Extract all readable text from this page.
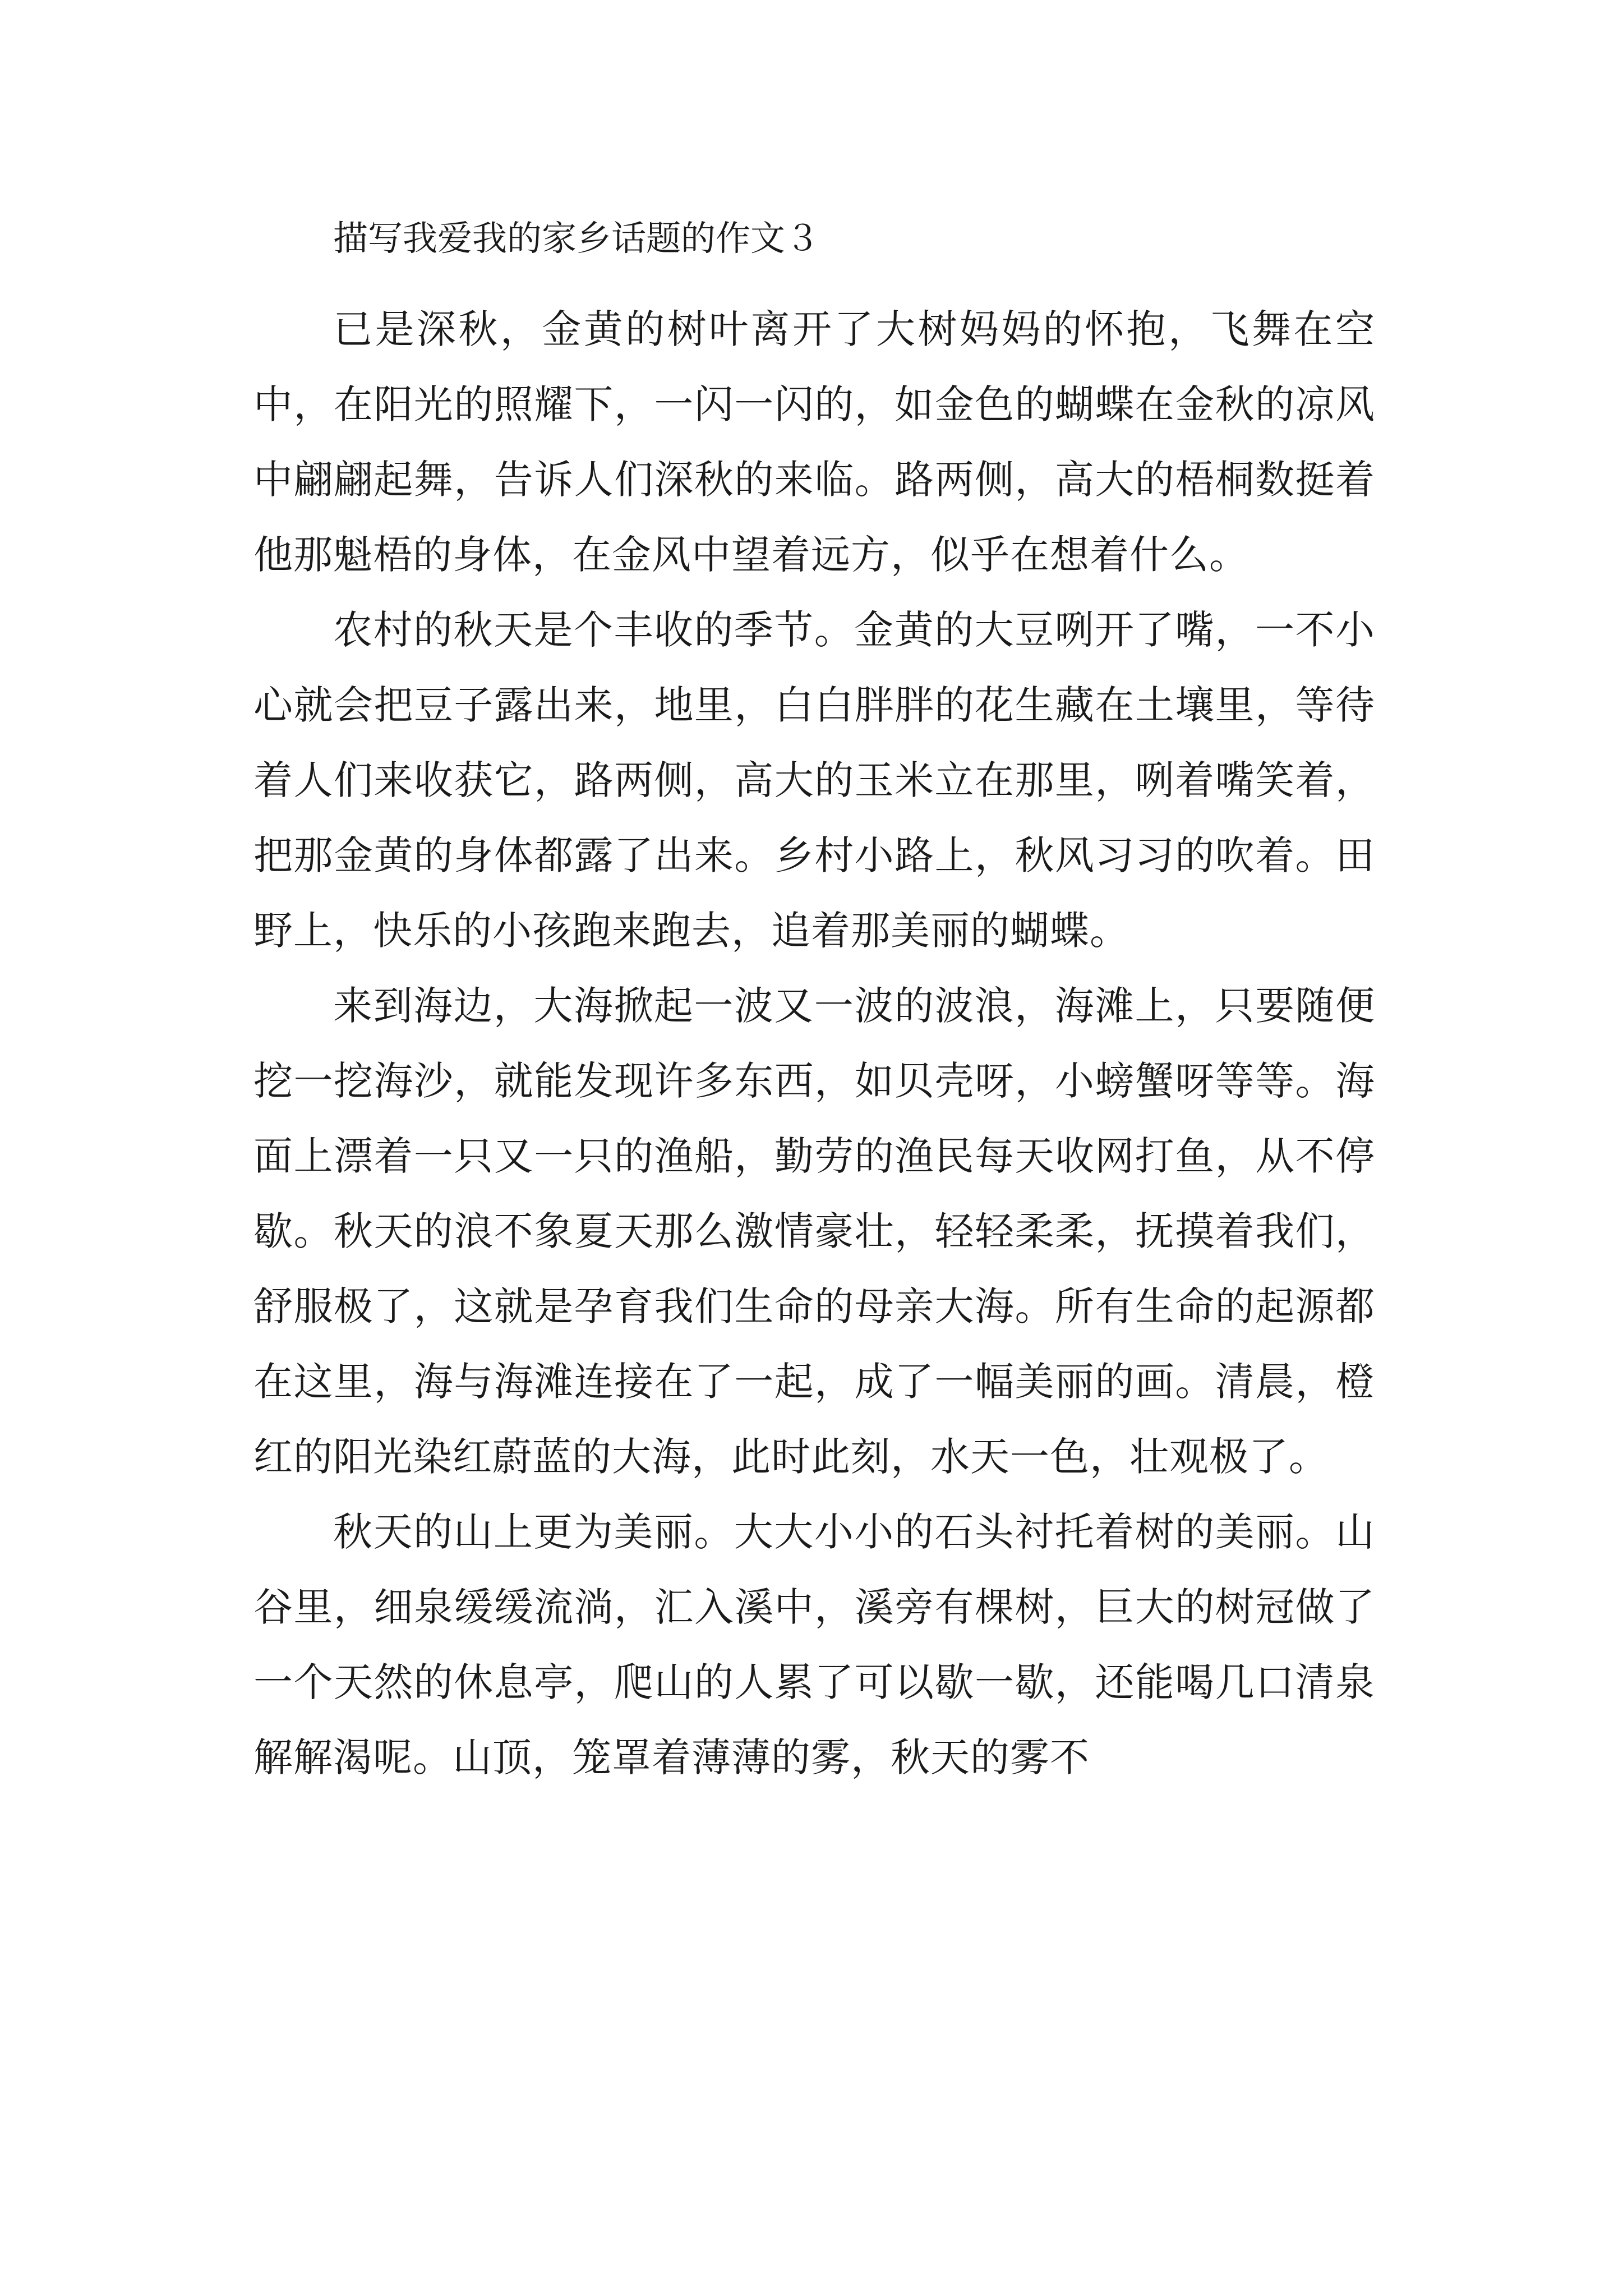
描写我爱我的家乡话题的作文３

已是深秋，金黄的树叶离开了大树妈妈的怀抱，飞舞在空中，在阳光的照耀下，一闪一闪的，如金色的蝴蝶在金秋的凉风中翩翩起舞，告诉人们深秋的来临。路两侧，高大的梧桐数挺着他那魁梧的身体，在金风中望着远方，似乎在想着什么。

农村的秋天是个丰收的季节。金黄的大豆咧开了嘴，一不小心就会把豆子露出来，地里，白白胖胖的花生藏在土壤里，等待着人们来收获它，路两侧，高大的玉米立在那里，咧着嘴笑着，把那金黄的身体都露了出来。乡村小路上，秋风习习的吹着。田野上，快乐的小孩跑来跑去，追着那美丽的蝴蝶。

来到海边，大海掀起一波又一波的波浪，海滩上，只要随便挖一挖海沙，就能发现许多东西，如贝壳呀，小螃蟹呀等等。海面上漂着一只又一只的渔船，勤劳的渔民每天收网打鱼，从不停歇。秋天的浪不象夏天那么激情豪壮，轻轻柔柔，抚摸着我们，舒服极了，这就是孕育我们生命的母亲大海。所有生命的起源都在这里，海与海滩连接在了一起，成了一幅美丽的画。清晨，橙红的阳光染红蔚蓝的大海，此时此刻，水天一色，壮观极了。

秋天的山上更为美丽。大大小小的石头衬托着树的美丽。山谷里，细泉缓缓流淌，汇入溪中，溪旁有棵树，巨大的树冠做了一个天然的休息亭，爬山的人累了可以歇一歇，还能喝几口清泉解解渴呢。山顶，笼罩着薄薄的雾，秋天的雾不
